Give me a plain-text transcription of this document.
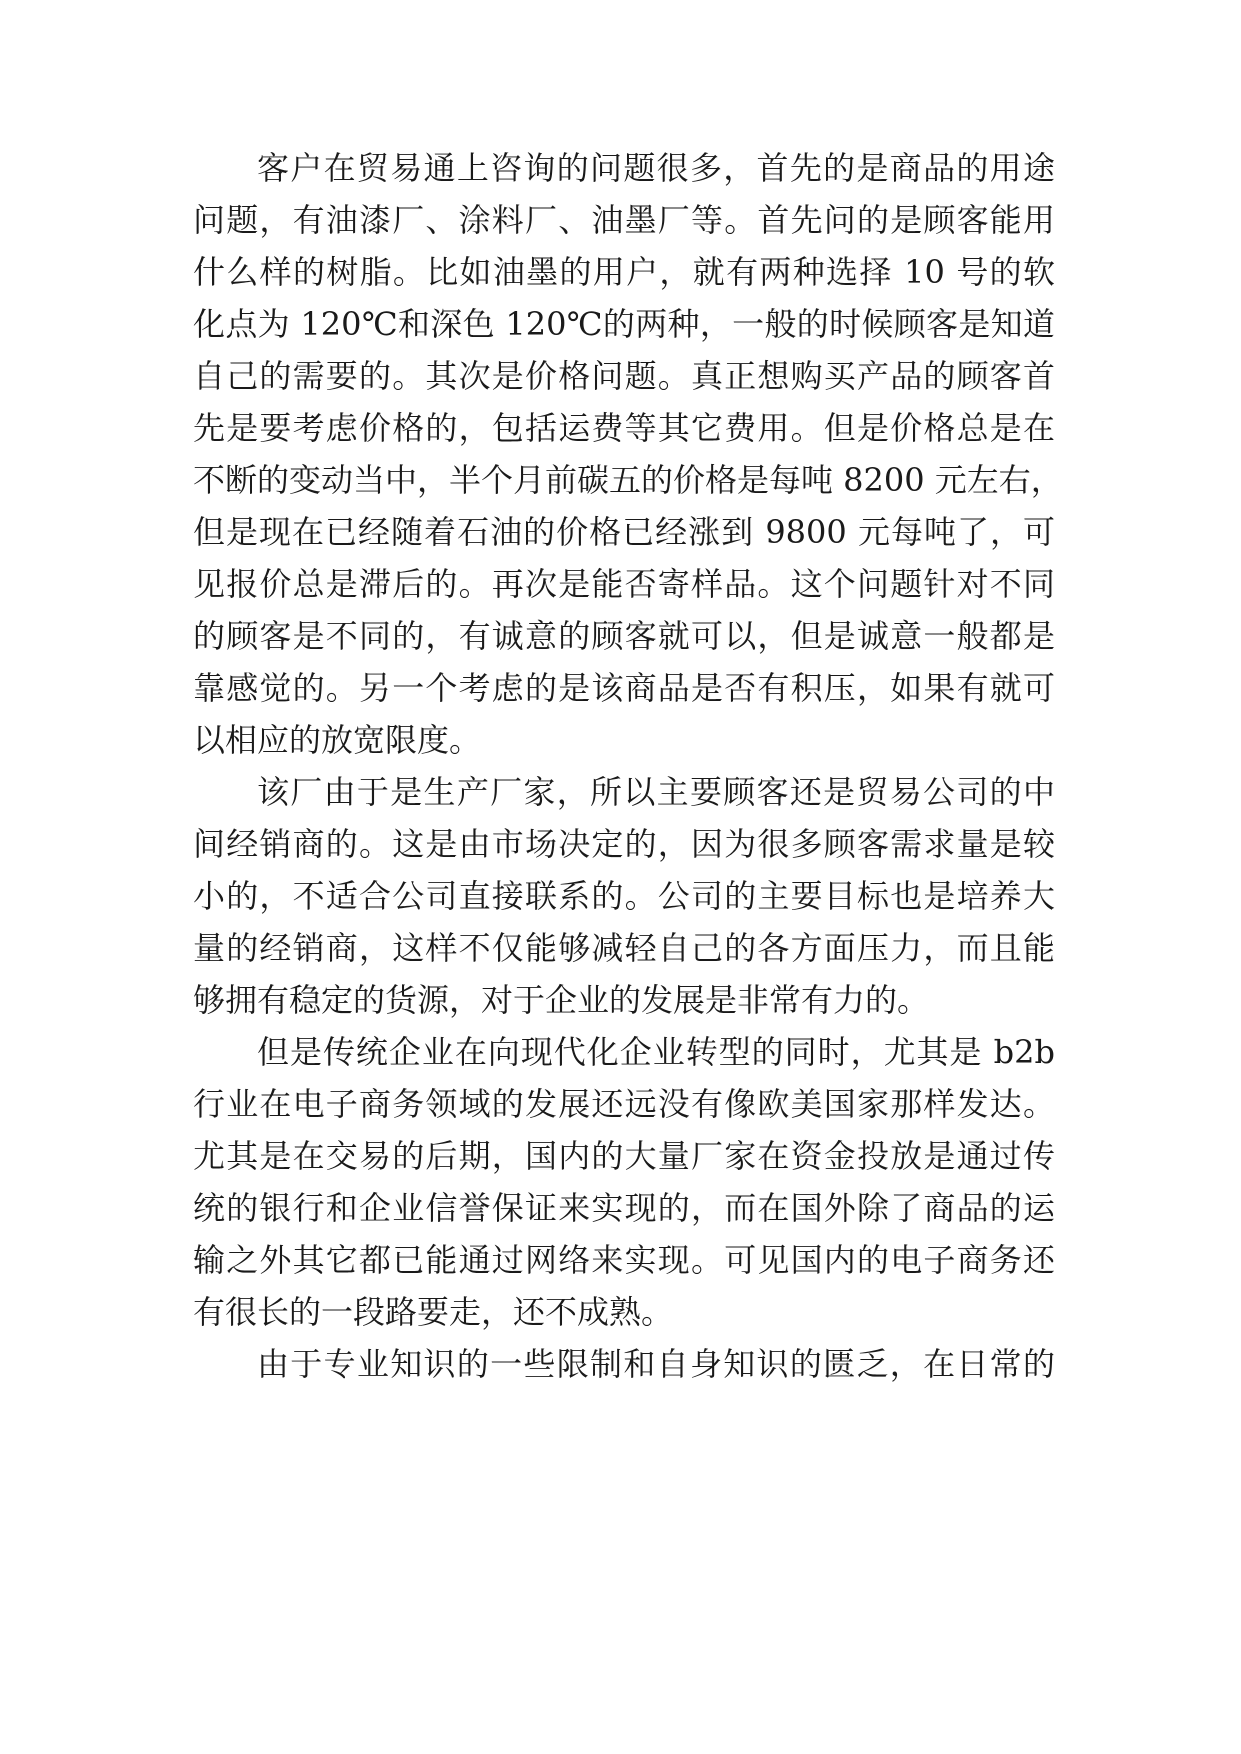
客户在贸易通上咨询的问题很多，首先的是商品的用途
问题，有油漆厂、涂料厂、油墨厂等。首先问的是顾客能用
什么样的树脂。比如油墨的用户，就有两种选择 10 号的软
化点为 120℃和深色 120℃的两种，一般的时候顾客是知道
自己的需要的。其次是价格问题。真正想购买产品的顾客首
先是要考虑价格的，包括运费等其它费用。但是价格总是在
不断的变动当中，半个月前碳五的价格是每吨 8200 元左右，
但是现在已经随着石油的价格已经涨到 9800 元每吨了，可
见报价总是滞后的。再次是能否寄样品。这个问题针对不同
的顾客是不同的，有诚意的顾客就可以，但是诚意一般都是
靠感觉的。另一个考虑的是该商品是否有积压，如果有就可
以相应的放宽限度。
该厂由于是生产厂家，所以主要顾客还是贸易公司的中
间经销商的。这是由市场决定的，因为很多顾客需求量是较
小的，不适合公司直接联系的。公司的主要目标也是培养大
量的经销商，这样不仅能够减轻自己的各方面压力，而且能
够拥有稳定的货源，对于企业的发展是非常有力的。
但是传统企业在向现代化企业转型的同时，尤其是 b2b
行业在电子商务领域的发展还远没有像欧美国家那样发达。
尤其是在交易的后期，国内的大量厂家在资金投放是通过传
统的银行和企业信誉保证来实现的，而在国外除了商品的运
输之外其它都已能通过网络来实现。可见国内的电子商务还
有很长的一段路要走，还不成熟。
由于专业知识的一些限制和自身知识的匮乏，在日常的
